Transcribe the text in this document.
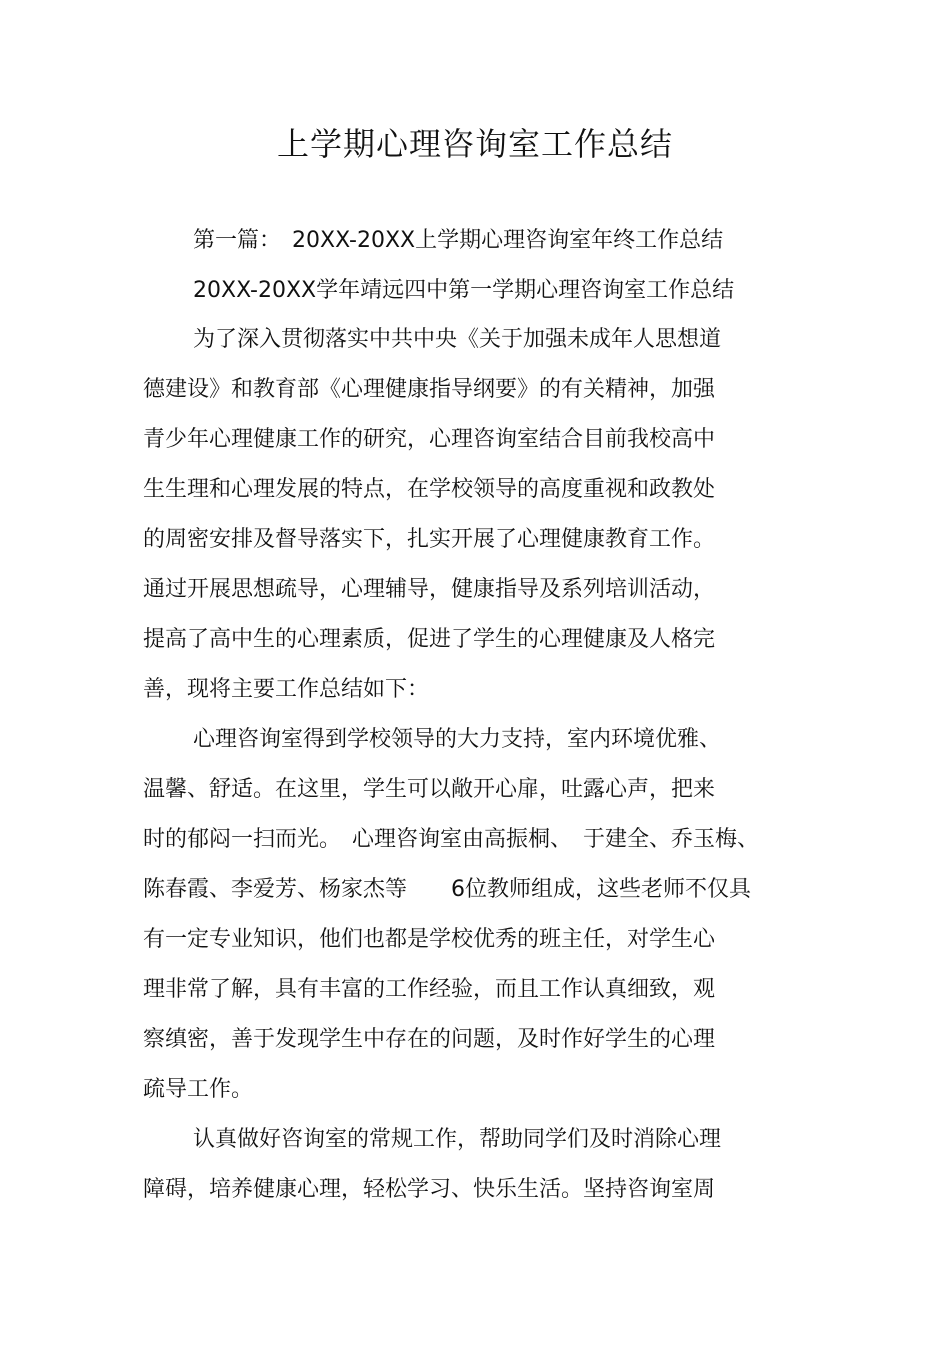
上学期心理咨询室工作总结
第一篇：　20XX-20XX上学期心理咨询室年终工作总结
20XX-20XX学年靖远四中第一学期心理咨询室工作总结
为了深入贯彻落实中共中央《关于加强未成年人思想道
德建设》和教育部《心理健康指导纲要》的有关精神，加强
青少年心理健康工作的研究，心理咨询室结合目前我校高中
生生理和心理发展的特点，在学校领导的高度重视和政教处
的周密安排及督导落实下，扎实开展了心理健康教育工作。
通过开展思想疏导，心理辅导，健康指导及系列培训活动，
提高了高中生的心理素质，促进了学生的心理健康及人格完
善，现将主要工作总结如下：
心理咨询室得到学校领导的大力支持，室内环境优雅、
温馨、舒适。在这里，学生可以敞开心扉，吐露心声，把来
时的郁闷一扫而光。　心理咨询室由高振桐、　于建全、乔玉梅、
陈春霞、李爱芳、杨家杰等　　6位教师组成，这些老师不仅具
有一定专业知识，他们也都是学校优秀的班主任，对学生心
理非常了解，具有丰富的工作经验，而且工作认真细致，观
察缜密，善于发现学生中存在的问题，及时作好学生的心理
疏导工作。
认真做好咨询室的常规工作，帮助同学们及时消除心理
障碍，培养健康心理，轻松学习、快乐生活。坚持咨询室周
